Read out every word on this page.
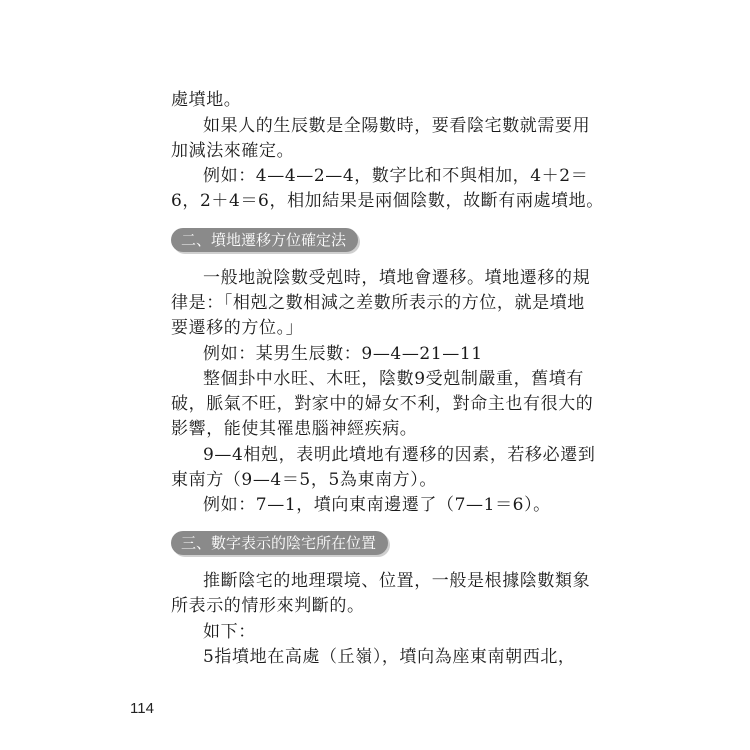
處墳地。
如果人的生辰數是全陽數時，要看陰宅數就需要用
加減法來確定。
例如：4—4—2—4，數字比和不與相加，4＋2＝
6，2＋4＝6，相加結果是兩個陰數，故斷有兩處墳地。
二、墳地遷移方位確定法
一般地說陰數受剋時，墳地會遷移。墳地遷移的規
律是：「相剋之數相減之差數所表示的方位，就是墳地
要遷移的方位。」
例如：某男生辰數：9—4—21—11
整個卦中水旺、木旺，陰數9受剋制嚴重，舊墳有
破，脈氣不旺，對家中的婦女不利，對命主也有很大的
影響，能使其罹患腦神經疾病。
9—4相剋，表明此墳地有遷移的因素，若移必遷到
東南方（9—4＝5，5為東南方）。
例如：7—1，墳向東南邊遷了（7—1＝6）。
三、數字表示的陰宅所在位置
推斷陰宅的地理環境、位置，一般是根據陰數類象
所表示的情形來判斷的。
如下：
5指墳地在高處（丘嶺），墳向為座東南朝西北，
114
